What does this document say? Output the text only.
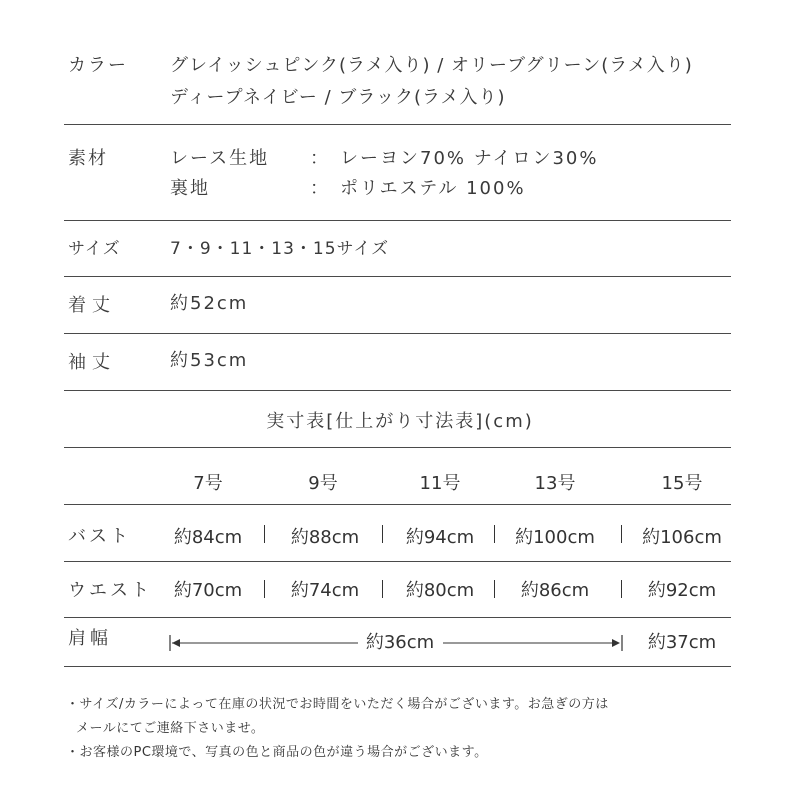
カラー グレイッシュピンク(ラメ入り) / オリーブグリーン(ラメ入り)
ディープネイビー / ブラック(ラメ入り)
素材	レース生地 ： レーヨン70% ナイロン30%
裏地	： ポリエステル 100%
サイズ	7・9・11・13・15サイズ
着丈	約52cm
袖丈	約53cm
実寸表[仕上がり寸法表](cm)
7号	9号	11号	13号	15号
バスト	約84cm	約88cm	約94cm	約100cm	約106cm
ウエスト	約70cm	約74cm	約80cm	約86cm	約92cm
肩幅	約36cm	約37cm
・サイズ/カラーによって在庫の状況でお時間をいただく場合がございます。お急ぎの方は
メールにてご連絡下さいませ。
・お客様のPC環境で、写真の色と商品の色が違う場合がございます。
